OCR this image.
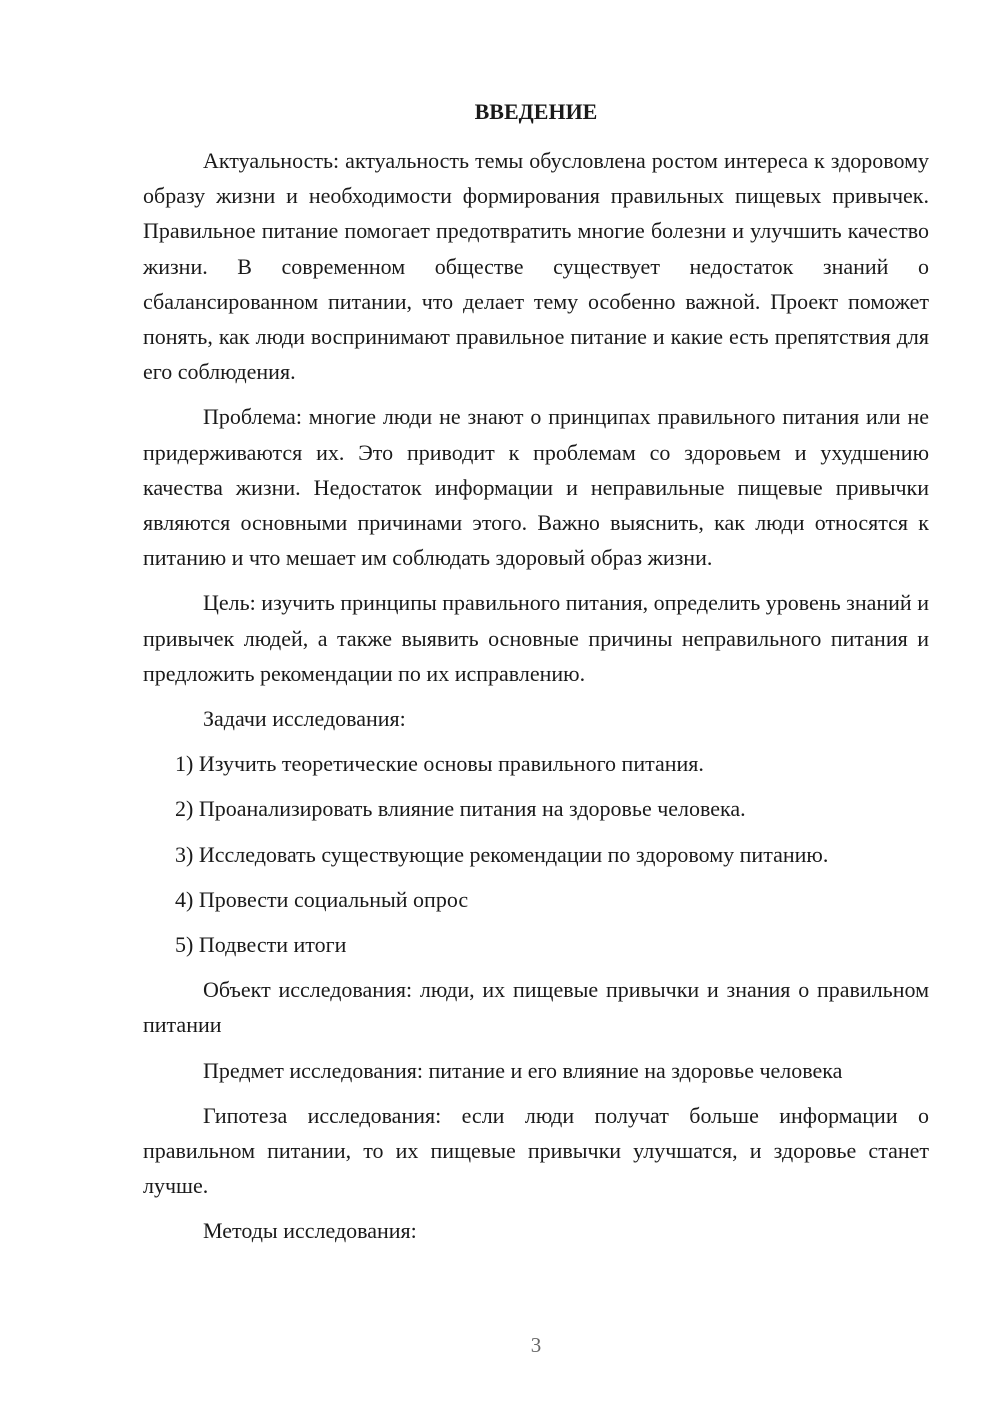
ВВЕДЕНИЕ

Актуальность: актуальность темы обусловлена ростом интереса к здоровому образу жизни и необходимости формирования правильных пищевых привычек. Правильное питание помогает предотвратить многие болезни и улучшить качество жизни. В современном обществе существует недостаток знаний о сбалансированном питании, что делает тему особенно важной. Проект поможет понять, как люди воспринимают правильное питание и какие есть препятствия для его соблюдения.

Проблема: многие люди не знают о принципах правильного питания или не придерживаются их. Это приводит к проблемам со здоровьем и ухудшению качества жизни. Недостаток информации и неправильные пищевые привычки являются основными причинами этого. Важно выяснить, как люди относятся к питанию и что мешает им соблюдать здоровый образ жизни.

Цель: изучить принципы правильного питания, определить уровень знаний и привычек людей, а также выявить основные причины неправильного питания и предложить рекомендации по их исправлению.

Задачи исследования:

1) Изучить теоретические основы правильного питания.

2) Проанализировать влияние питания на здоровье человека.

3) Исследовать существующие рекомендации по здоровому питанию.

4) Провести социальный опрос

5) Подвести итоги

Объект исследования: люди, их пищевые привычки и знания о правильном питании

Предмет исследования: питание и его влияние на здоровье человека

Гипотеза исследования: если люди получат больше информации о правильном питании, то их пищевые привычки улучшатся, и здоровье станет лучше.

Методы исследования:

3
